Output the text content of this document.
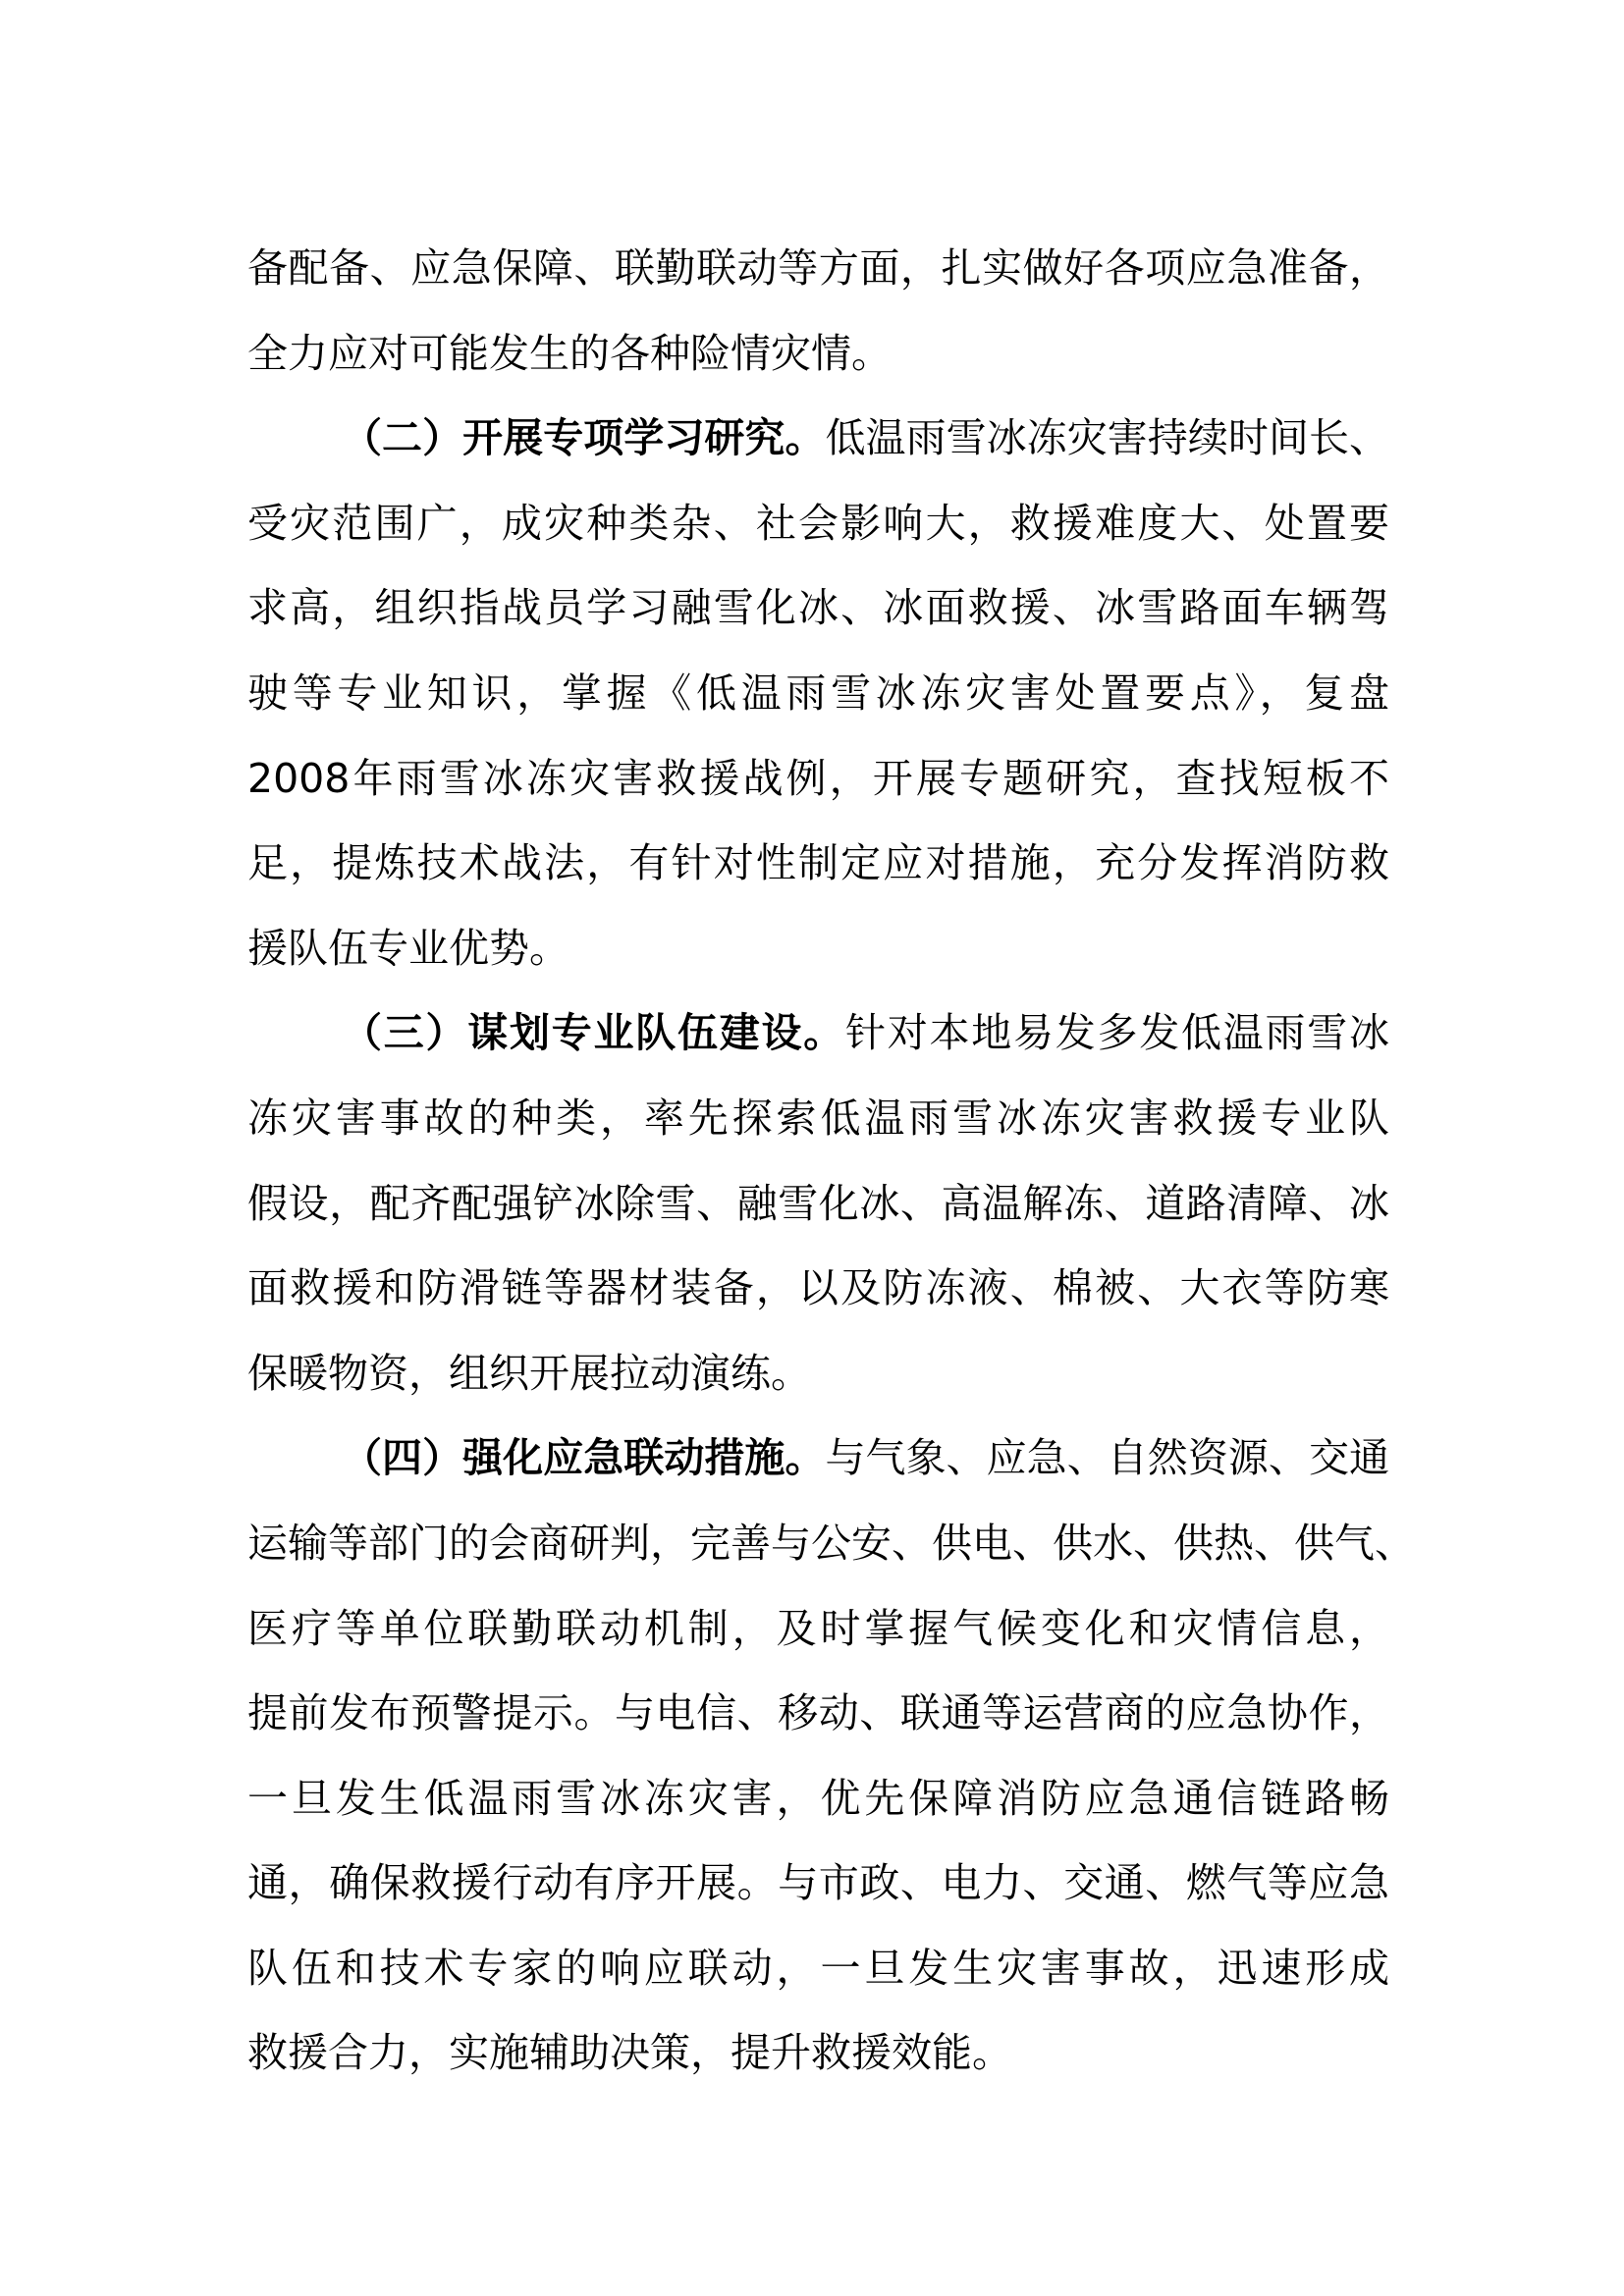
备配备、应急保障、联勤联动等方面，扎实做好各项应急准备，
全力应对可能发生的各种险情灾情。
（二）开展专项学习研究。低温雨雪冰冻灾害持续时间长、
受灾范围广，成灾种类杂、社会影响大，救援难度大、处置要
求高，组织指战员学习融雪化冰、冰面救援、冰雪路面车辆驾
驶等专业知识，掌握《低温雨雪冰冻灾害处置要点》，复盘
2008年雨雪冰冻灾害救援战例，开展专题研究，查找短板不
足，提炼技术战法，有针对性制定应对措施，充分发挥消防救
援队伍专业优势。
（三）谋划专业队伍建设。针对本地易发多发低温雨雪冰
冻灾害事故的种类，率先探索低温雨雪冰冻灾害救援专业队
假设，配齐配强铲冰除雪、融雪化冰、高温解冻、道路清障、冰
面救援和防滑链等器材装备，以及防冻液、棉被、大衣等防寒
保暖物资，组织开展拉动演练。
（四）强化应急联动措施。与气象、应急、自然资源、交通
运输等部门的会商研判，完善与公安、供电、供水、供热、供气、
医疗等单位联勤联动机制，及时掌握气候变化和灾情信息，
提前发布预警提示。与电信、移动、联通等运营商的应急协作，
一旦发生低温雨雪冰冻灾害，优先保障消防应急通信链路畅
通，确保救援行动有序开展。与市政、电力、交通、燃气等应急
队伍和技术专家的响应联动，一旦发生灾害事故，迅速形成
救援合力，实施辅助决策，提升救援效能。
